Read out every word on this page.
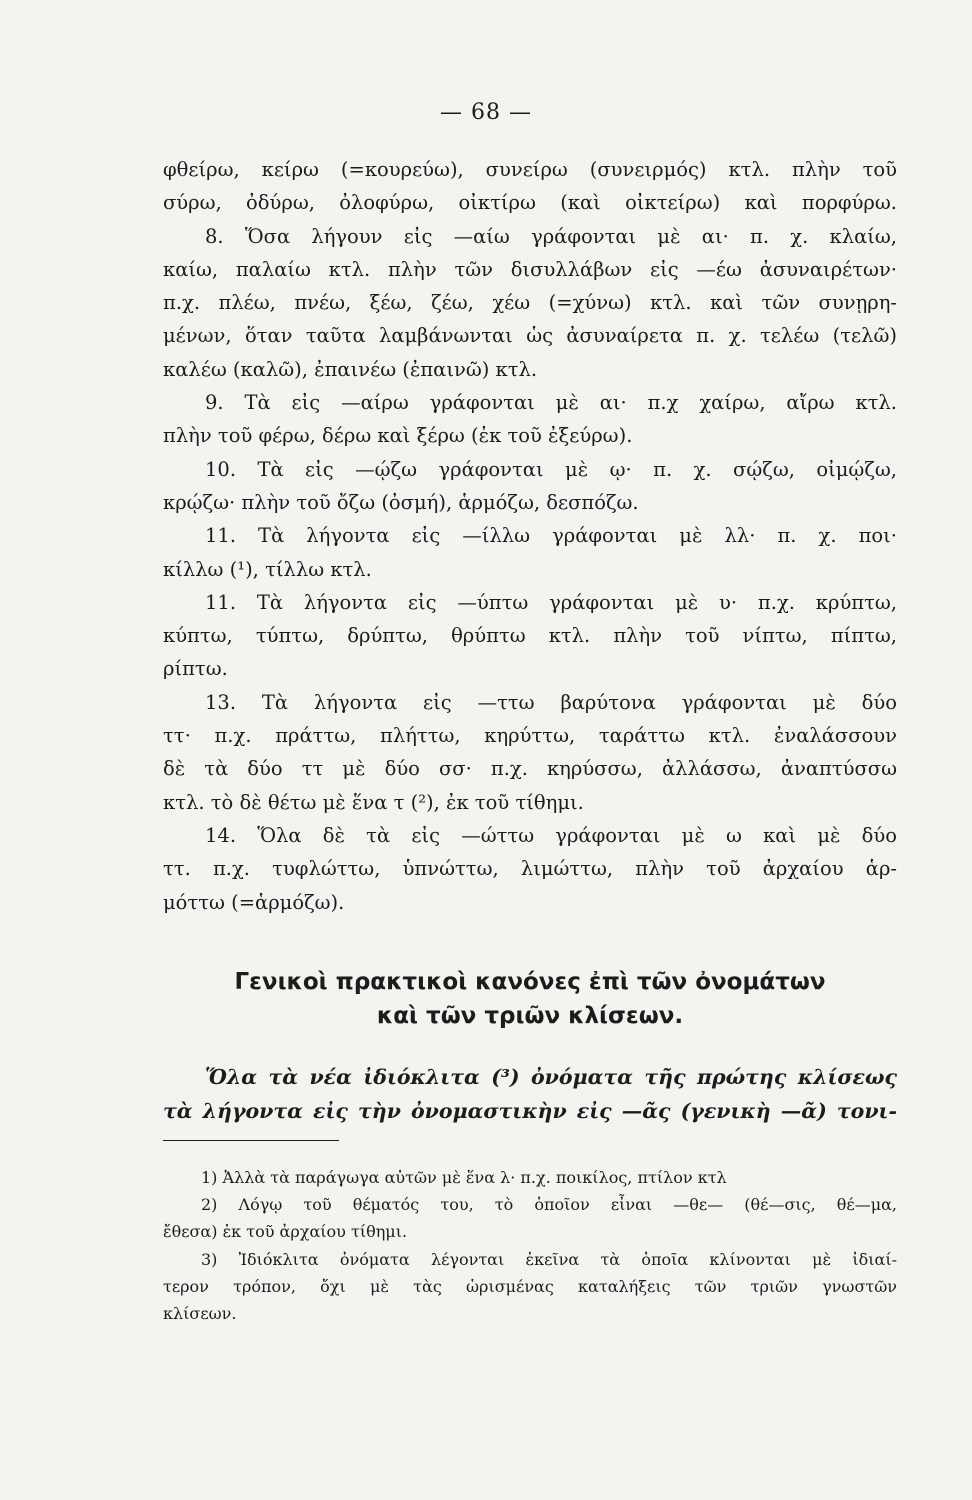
— 68 —
φθείρω, κείρω (=κουρεύω), συνείρω (συνειρμός) κτλ. πλὴν τοῦ
σύρω, ὀδύρω, ὀλοφύρω, οἰκτίρω (καὶ οἰκτείρω) καὶ πορφύρω.
8. Ὅσα λήγουν εἰς —αίω γράφονται μὲ αι· π. χ. κλαίω,
καίω, παλαίω κτλ. πλὴν τῶν δισυλλάβων εἰς —έω ἀσυναιρέτων·
π.χ. πλέω, πνέω, ξέω, ζέω, χέω (=χύνω) κτλ. καὶ τῶν συνῃρη-
μένων, ὅταν ταῦτα λαμβάνωνται ὡς ἀσυναίρετα π. χ. τελέω (τελῶ)
καλέω (καλῶ), ἐπαινέω (ἐπαινῶ) κτλ.
9. Τὰ εἰς —αίρω γράφονται μὲ αι· π.χ χαίρω, αἴρω κτλ.
πλὴν τοῦ φέρω, δέρω καὶ ξέρω (ἐκ τοῦ ἐξεύρω).
10. Τὰ εἰς —ῴζω γράφονται μὲ ῳ· π. χ. σῴζω, οἰμῴζω,
κρῴζω· πλὴν τοῦ ὄζω (ὀσμή), ἁρμόζω, δεσπόζω.
11. Τὰ λήγοντα εἰς —ίλλω γράφονται μὲ λλ· π. χ. ποι·
κίλλω (¹), τίλλω κτλ.
11. Τὰ λήγοντα εἰς —ύπτω γράφονται μὲ υ· π.χ. κρύπτω,
κύπτω, τύπτω, δρύπτω, θρύπτω κτλ. πλὴν τοῦ νίπτω, πίπτω,
ρίπτω.
13. Τὰ λήγοντα εἰς —ττω βαρύτονα γράφονται μὲ δύο
ττ· π.χ. πράττω, πλήττω, κηρύττω, ταράττω κτλ. ἐναλάσσουν
δὲ τὰ δύο ττ μὲ δύο σσ· π.χ. κηρύσσω, ἀλλάσσω, ἀναπτύσσω
κτλ. τὸ δὲ θέτω μὲ ἕνα τ (²), ἐκ τοῦ τίθημι.
14. Ὅλα δὲ τὰ εἰς —ώττω γράφονται μὲ ω καὶ μὲ δύο
ττ. π.χ. τυφλώττω, ὑπνώττω, λιμώττω, πλὴν τοῦ ἀρχαίου ἁρ-
μόττω (=ἁρμόζω).
Γενικοὶ πρακτικοὶ κανόνες ἐπὶ τῶν ὀνομάτων
καὶ τῶν τριῶν κλίσεων.
Ὅλα τὰ νέα ἰδιόκλιτα (³) ὀνόματα τῆς πρώτης κλίσεως
τὰ λήγοντα εἰς τὴν ὀνομαστικὴν εἰς —ᾶς (γενικὴ —ᾶ) τονι-
1) Ἀλλὰ τὰ παράγωγα αὐτῶν μὲ ἕνα λ· π.χ. ποικίλος, πτίλον κτλ
2) Λόγῳ τοῦ θέματός του, τὸ ὁποῖον εἶναι —θε— (θέ—σις, θέ—μα,
ἔθεσα) ἐκ τοῦ ἀρχαίου τίθημι.
3) Ἰδιόκλιτα ὀνόματα λέγονται ἐκεῖνα τὰ ὁποῖα κλίνονται μὲ ἰδιαί-
τερον τρόπον, ὄχι μὲ τὰς ὡρισμένας καταλήξεις τῶν τριῶν γνωστῶν
κλίσεων.
